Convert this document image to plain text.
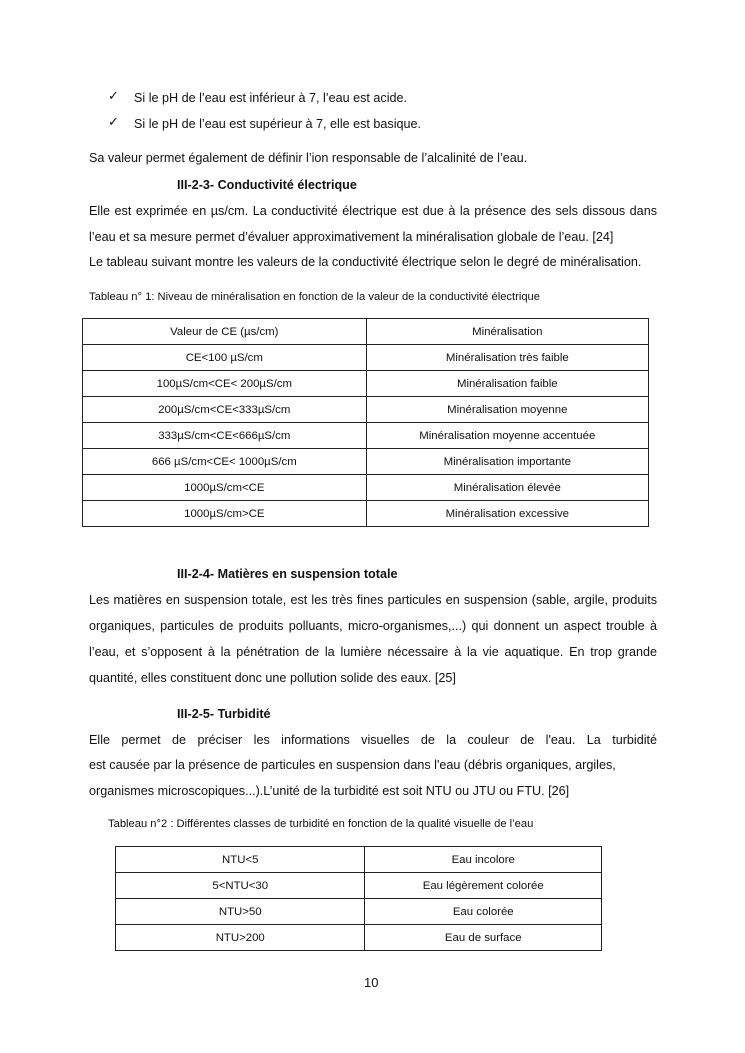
✓ Si le pH de l’eau est inférieur à 7, l’eau est acide.
✓ Si le pH de l’eau est supérieur à 7, elle est basique.
Sa valeur permet également de définir l’ion responsable de l’alcalinité de l’eau.
III-2-3- Conductivité électrique
Elle est exprimée en µs/cm. La conductivité électrique est due à la présence des sels dissous dans
l’eau et sa mesure permet d’évaluer approximativement la minéralisation globale de l’eau. [24]
Le tableau suivant montre les valeurs de la conductivité électrique selon le degré de minéralisation.
Tableau n° 1: Niveau de minéralisation en fonction de la valeur de la conductivité électrique
Valeur de CE (µs/cm)	Minéralisation
CE<100 µS/cm	Minéralisation très faible
100µS/cm<CE< 200µS/cm	Minéralisation faible
200µS/cm<CE<333µS/cm	Minéralisation moyenne
333µS/cm<CE<666µS/cm	Minéralisation moyenne accentuée
666 µS/cm<CE< 1000µS/cm	Minéralisation importante
1000µS/cm<CE	Minéralisation élevée
1000µS/cm>CE	Minéralisation excessive
III-2-4- Matières en suspension totale
Les matières en suspension totale, est les très fines particules en suspension (sable, argile, produits
organiques, particules de produits polluants, micro-organismes,...) qui donnent un aspect trouble à
l’eau, et s’opposent à la pénétration de la lumière nécessaire à la vie aquatique. En trop grande
quantité, elles constituent donc une pollution solide des eaux. [25]
III-2-5- Turbidité
Elle permet de préciser les informations visuelles de la couleur de l'eau. La turbidité
est causée par la présence de particules en suspension dans l'eau (débris organiques, argiles,
organismes microscopiques...).L’unité de la turbidité est soit NTU ou JTU ou FTU. [26]
Tableau n°2 : Différentes classes de turbidité en fonction de la qualité visuelle de l’eau
NTU<5	Eau incolore
5<NTU<30	Eau légèrement colorée
NTU>50	Eau colorée
NTU>200	Eau de surface
10
